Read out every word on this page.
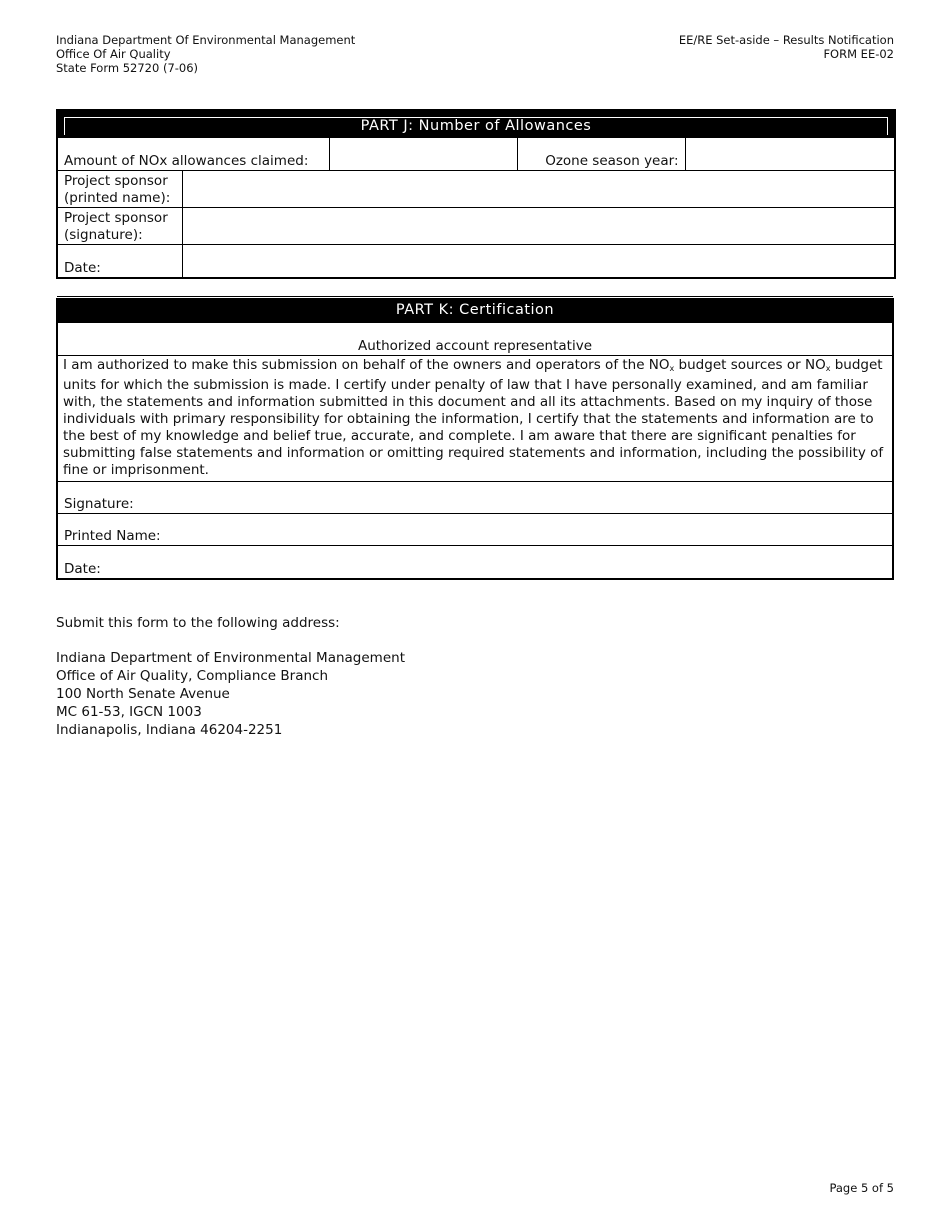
Indiana Department Of Environmental Management
Office Of Air Quality
State Form 52720 (7-06)
EE/RE Set-aside – Results Notification
FORM EE-02
PART J: Number of Allowances				

Amount of NOx allowances claimed:			Ozone season year:	

Project sponsor
(printed name):				

Project sponsor
(signature):				

Date:				
PART K: Certification
Authorized account representative
I am authorized to make this submission on behalf of the owners and operators of the $NO_x$ budget sources or $NO_x$ budget units for which the submission is made. I certify under penalty of law that I have personally examined, and am familiar with, the statements and information submitted in this document and all its attachments. Based on my inquiry of those individuals with primary responsibility for obtaining the information, I certify that the statements and information are to the best of my knowledge and belief true, accurate, and complete. I am aware that there are significant penalties for submitting false statements and information or omitting required statements and information, including the possibility of fine or imprisonment.
Signature:
Printed Name:
Date:
Submit this form to the following address:
Indiana Department of Environmental Management
Office of Air Quality, Compliance Branch
100 North Senate Avenue
MC 61-53, IGCN 1003
Indianapolis, Indiana 46204-2251
Page 5 of 5
